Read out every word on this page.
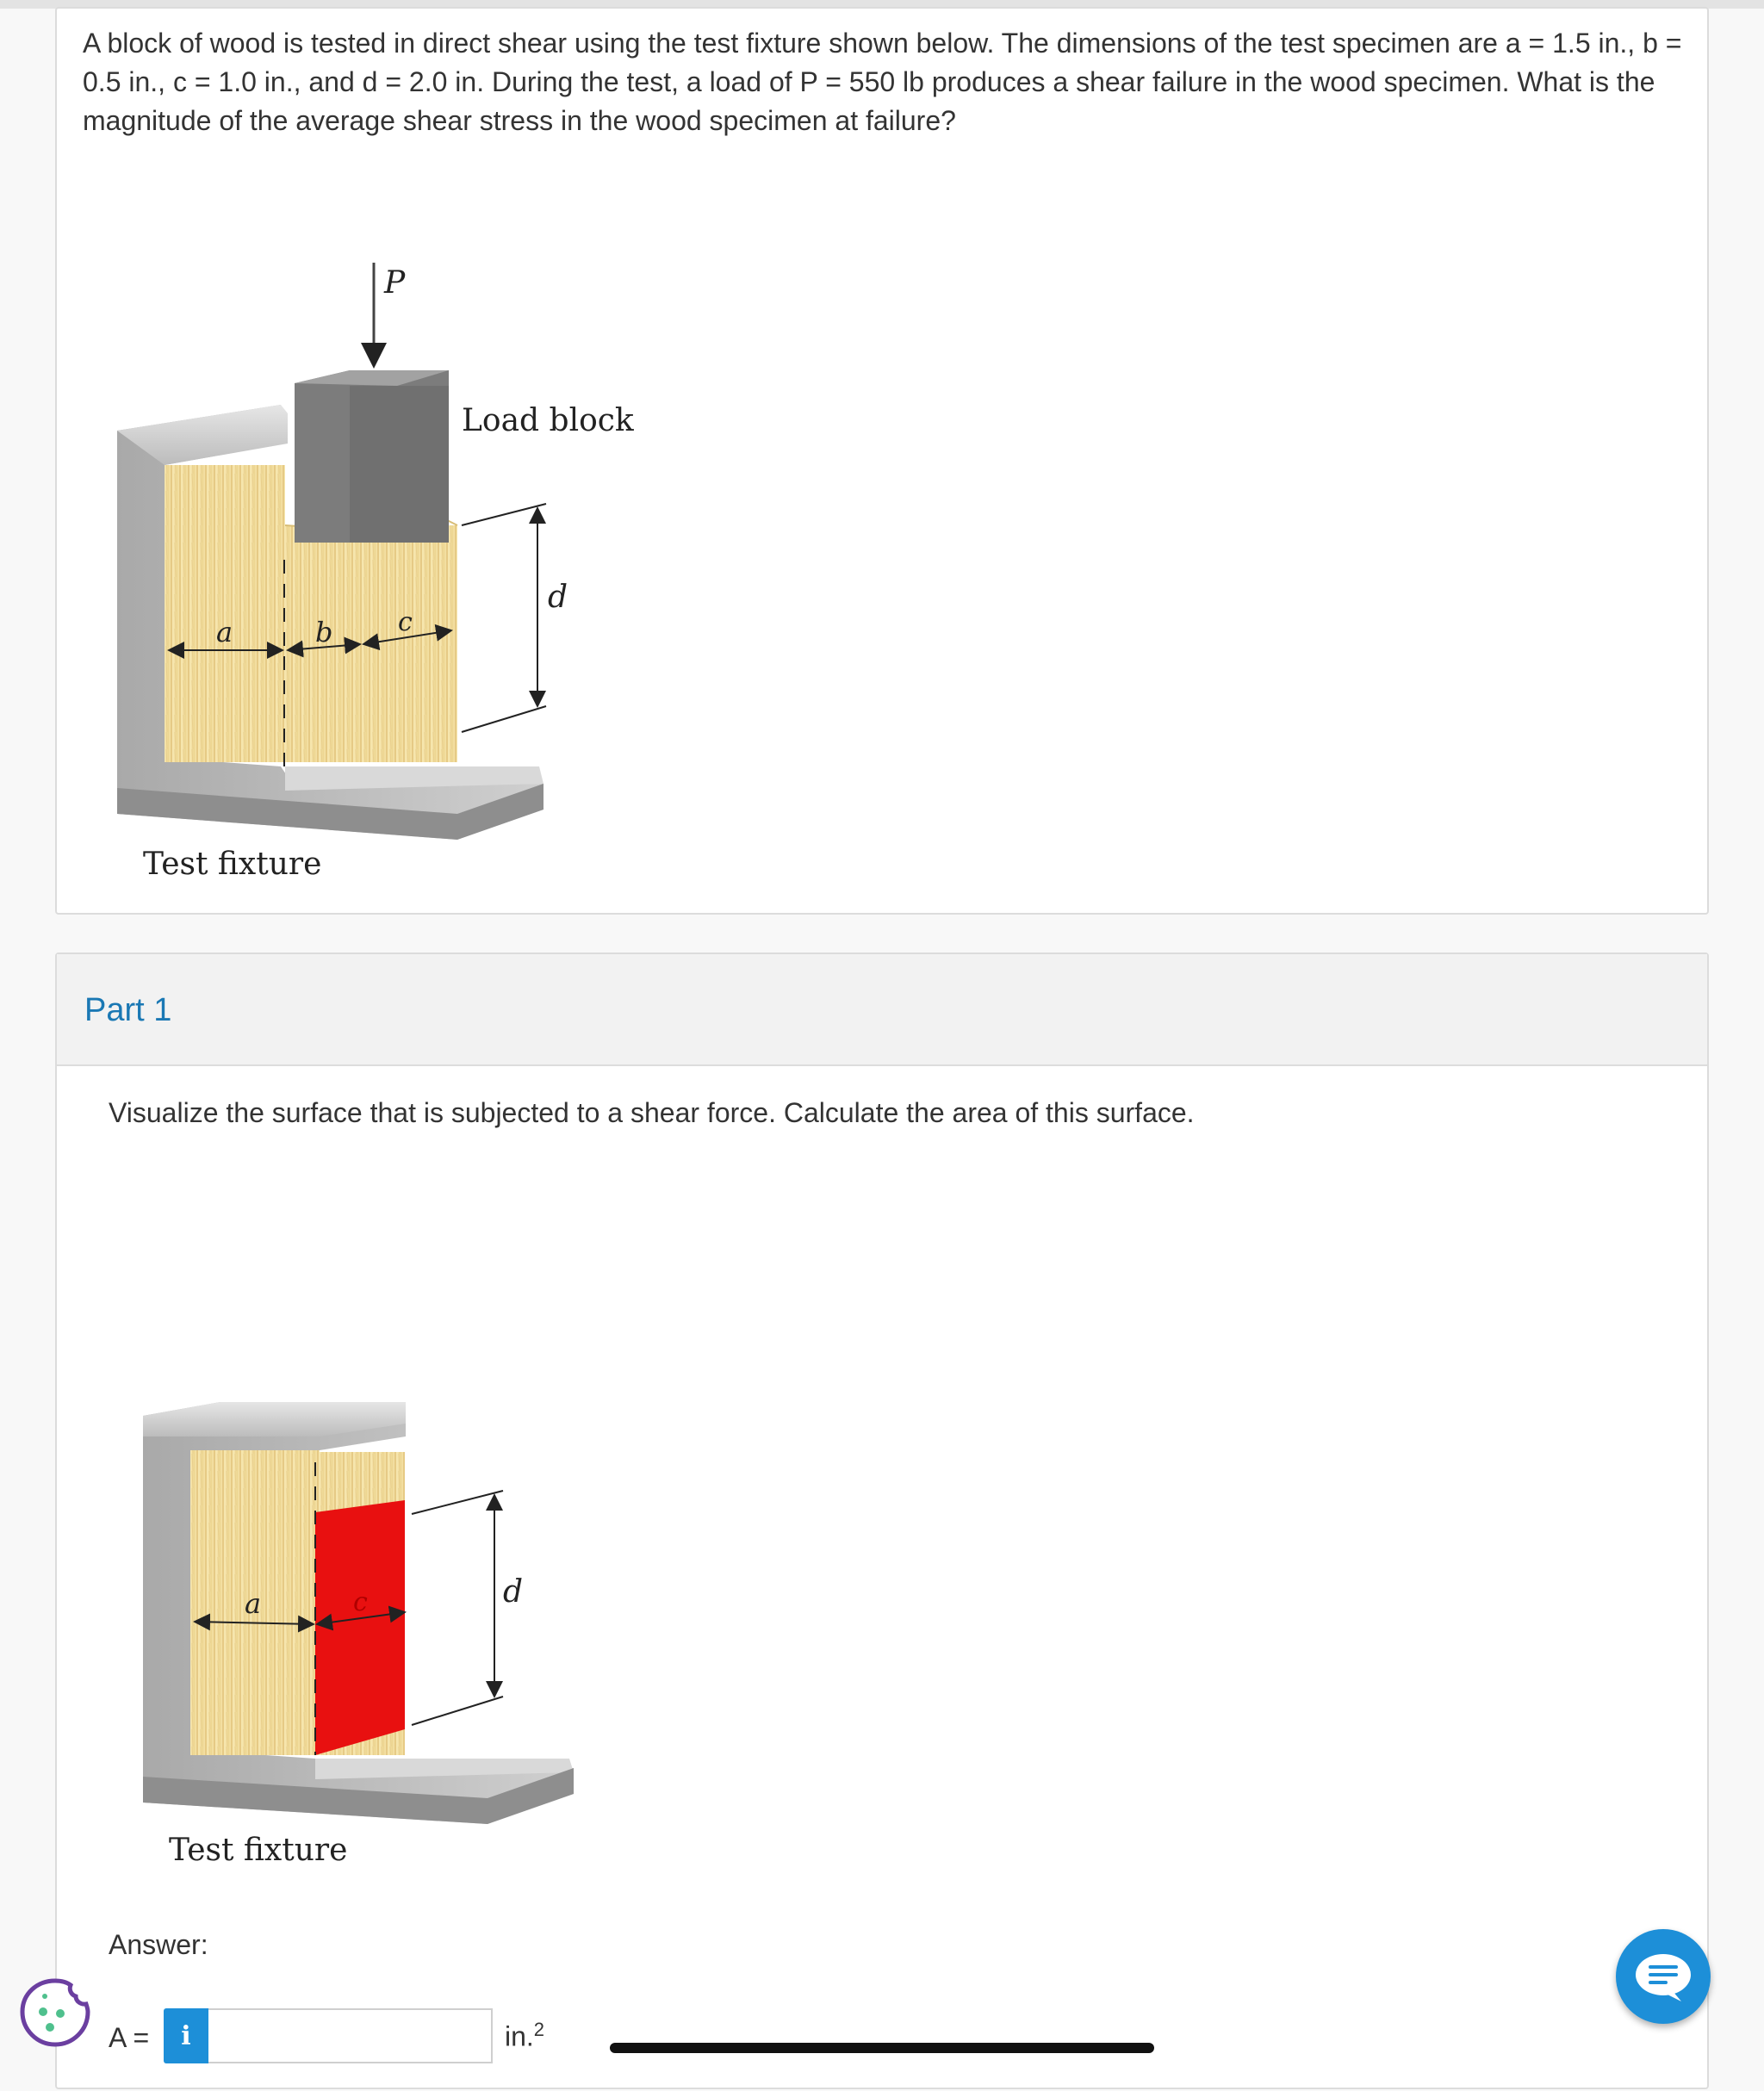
A block of wood is tested in direct shear using the test fixture shown below. The dimensions of the test specimen are a = 1.5 in., b = 0.5 in., c = 1.0 in., and d = 2.0 in. During the test, a load of P = 550 lb produces a shear failure in the wood specimen. What is the magnitude of the average shear stress in the wood specimen at failure?

P
Load block
a	b	c
d
Test fixture
Part 1

Visualize the surface that is subjected to a shear force. Calculate the area of this surface.

a	c	d
Test fixture
Answer:
A =	i	in.$^2$
